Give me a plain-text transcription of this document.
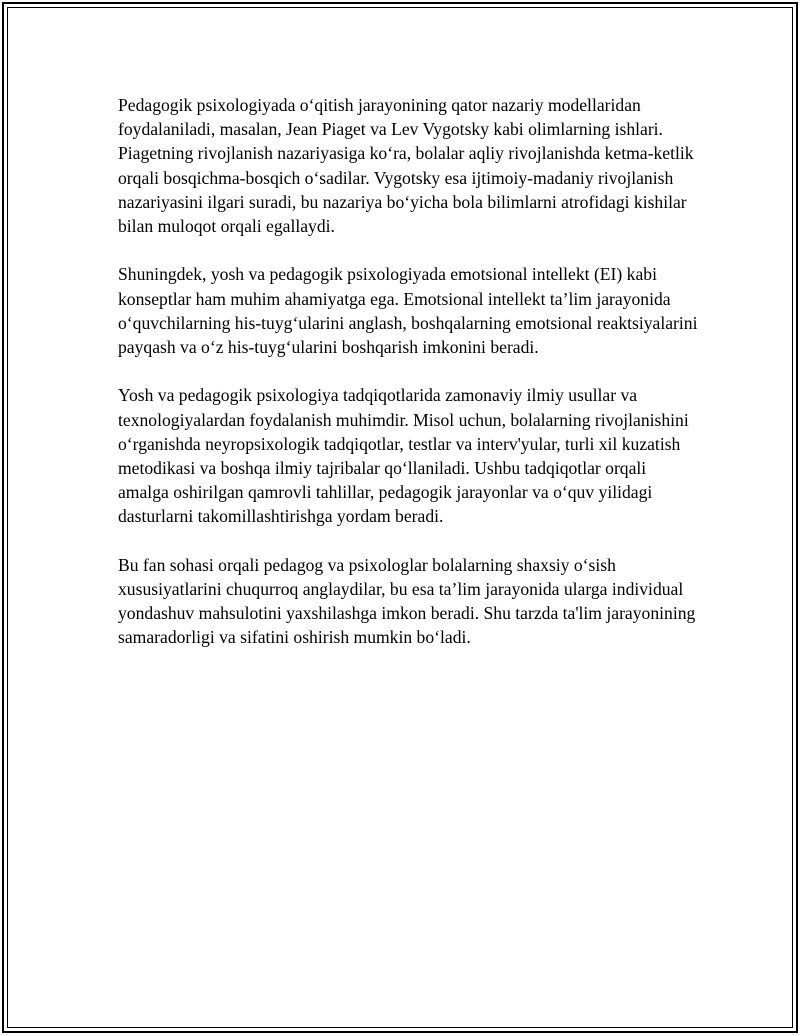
Pedagogik psixologiyada o‘qitish jarayonining qator nazariy modellaridan foydalaniladi, masalan, Jean Piaget va Lev Vygotsky kabi olimlarning ishlari. Piagetning rivojlanish nazariyasiga ko‘ra, bolalar aqliy rivojlanishda ketma-ketlik orqali bosqichma-bosqich o‘sadilar. Vygotsky esa ijtimoiy-madaniy rivojlanish nazariyasini ilgari suradi, bu nazariya bo‘yicha bola bilimlarni atrofidagi kishilar bilan muloqot orqali egallaydi.

Shuningdek, yosh va pedagogik psixologiyada emotsional intellekt (EI) kabi konseptlar ham muhim ahamiyatga ega. Emotsional intellekt ta’lim jarayonida o‘quvchilarning his-tuyg‘ularini anglash, boshqalarning emotsional reaktsiyalarini payqash va o‘z his-tuyg‘ularini boshqarish imkonini beradi.

Yosh va pedagogik psixologiya tadqiqotlarida zamonaviy ilmiy usullar va texnologiyalardan foydalanish muhimdir. Misol uchun, bolalarning rivojlanishini o‘rganishda neyropsixologik tadqiqotlar, testlar va interv'yular, turli xil kuzatish metodikasi va boshqa ilmiy tajribalar qo‘llaniladi. Ushbu tadqiqotlar orqali amalga oshirilgan qamrovli tahlillar, pedagogik jarayonlar va o‘quv yilidagi dasturlarni takomillashtirishga yordam beradi.

Bu fan sohasi orqali pedagog va psixologlar bolalarning shaxsiy o‘sish xususiyatlarini chuqurroq anglaydilar, bu esa ta’lim jarayonida ularga individual yondashuv mahsulotini yaxshilashga imkon beradi. Shu tarzda ta'lim jarayonining samaradorligi va sifatini oshirish mumkin bo‘ladi.
